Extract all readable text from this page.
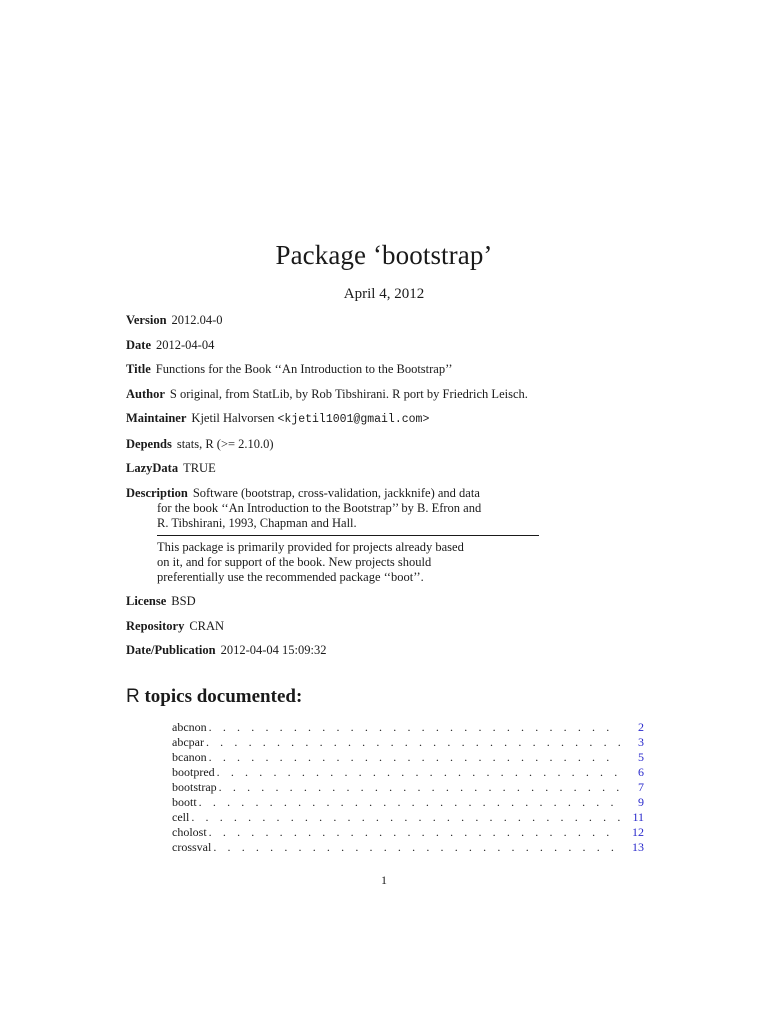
Package ‘bootstrap’
April 4, 2012
Version 2012.04-0
Date 2012-04-04
Title Functions for the Book ‘‘An Introduction to the Bootstrap’’
Author S original, from StatLib, by Rob Tibshirani. R port by Friedrich Leisch.
Maintainer Kjetil Halvorsen <kjetil1001@gmail.com>
Depends stats, R (>= 2.10.0)
LazyData TRUE
Description Software (bootstrap, cross-validation, jackknife) and data
for the book ‘‘An Introduction to the Bootstrap’’ by B. Efron and
R. Tibshirani, 1993, Chapman and Hall.
This package is primarily provided for projects already based
on it, and for support of the book. New projects should
preferentially use the recommended package ‘‘boot’’.
License BSD
Repository CRAN
Date/Publication 2012-04-04 15:09:32
R topics documented:
abcnon . . .	2
abcpar . . .	3
bcanon . . .	5
bootpred . . .	6
bootstrap . . .	7
boott . . .	9
cell . . .	11
cholost . . .	12
crossval . . .	13
1
